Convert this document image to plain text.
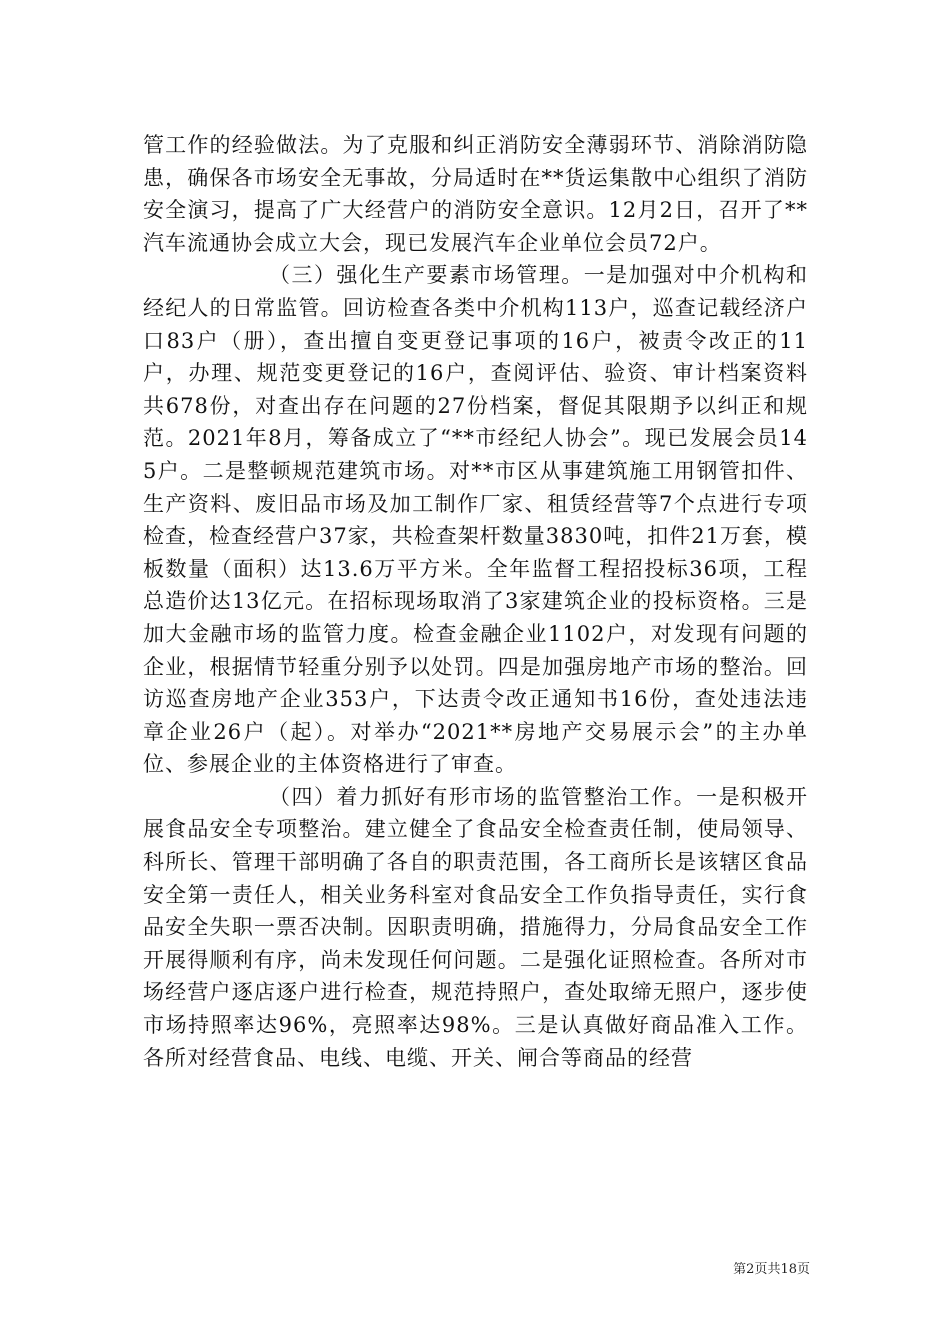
管工作的经验做法。为了克服和纠正消防安全薄弱环节、消除消防隐患，确保各市场安全无事故，分局适时在**货运集散中心组织了消防安全演习，提高了广大经营户的消防安全意识。12月2日，召开了**汽车流通协会成立大会，现已发展汽车企业单位会员72户。

（三）强化生产要素市场管理。一是加强对中介机构和经纪人的日常监管。回访检查各类中介机构113户，巡查记载经济户口83户（册），查出擅自变更登记事项的16户，被责令改正的11户，办理、规范变更登记的16户，查阅评估、验资、审计档案资料共678份，对查出存在问题的27份档案，督促其限期予以纠正和规范。2021年8月，筹备成立了“**市经纪人协会”。现已发展会员145户。二是整顿规范建筑市场。对**市区从事建筑施工用钢管扣件、生产资料、废旧品市场及加工制作厂家、租赁经营等7个点进行专项检查，检查经营户37家，共检查架杆数量3830吨，扣件21万套，模板数量（面积）达13.6万平方米。全年监督工程招投标36项，工程总造价达13亿元。在招标现场取消了3家建筑企业的投标资格。三是加大金融市场的监管力度。检查金融企业1102户，对发现有问题的企业，根据情节轻重分别予以处罚。四是加强房地产市场的整治。回访巡查房地产企业353户，下达责令改正通知书16份，查处违法违章企业26户（起）。对举办“2021**房地产交易展示会”的主办单位、参展企业的主体资格进行了审查。

（四）着力抓好有形市场的监管整治工作。一是积极开展食品安全专项整治。建立健全了食品安全检查责任制，使局领导、科所长、管理干部明确了各自的职责范围，各工商所长是该辖区食品安全第一责任人，相关业务科室对食品安全工作负指导责任，实行食品安全失职一票否决制。因职责明确，措施得力，分局食品安全工作开展得顺利有序，尚未发现任何问题。二是强化证照检查。各所对市场经营户逐店逐户进行检查，规范持照户，查处取缔无照户，逐步使市场持照率达96%，亮照率达98%。三是认真做好商品准入工作。各所对经营食品、电线、电缆、开关、闸合等商品的经营

第2页共18页
